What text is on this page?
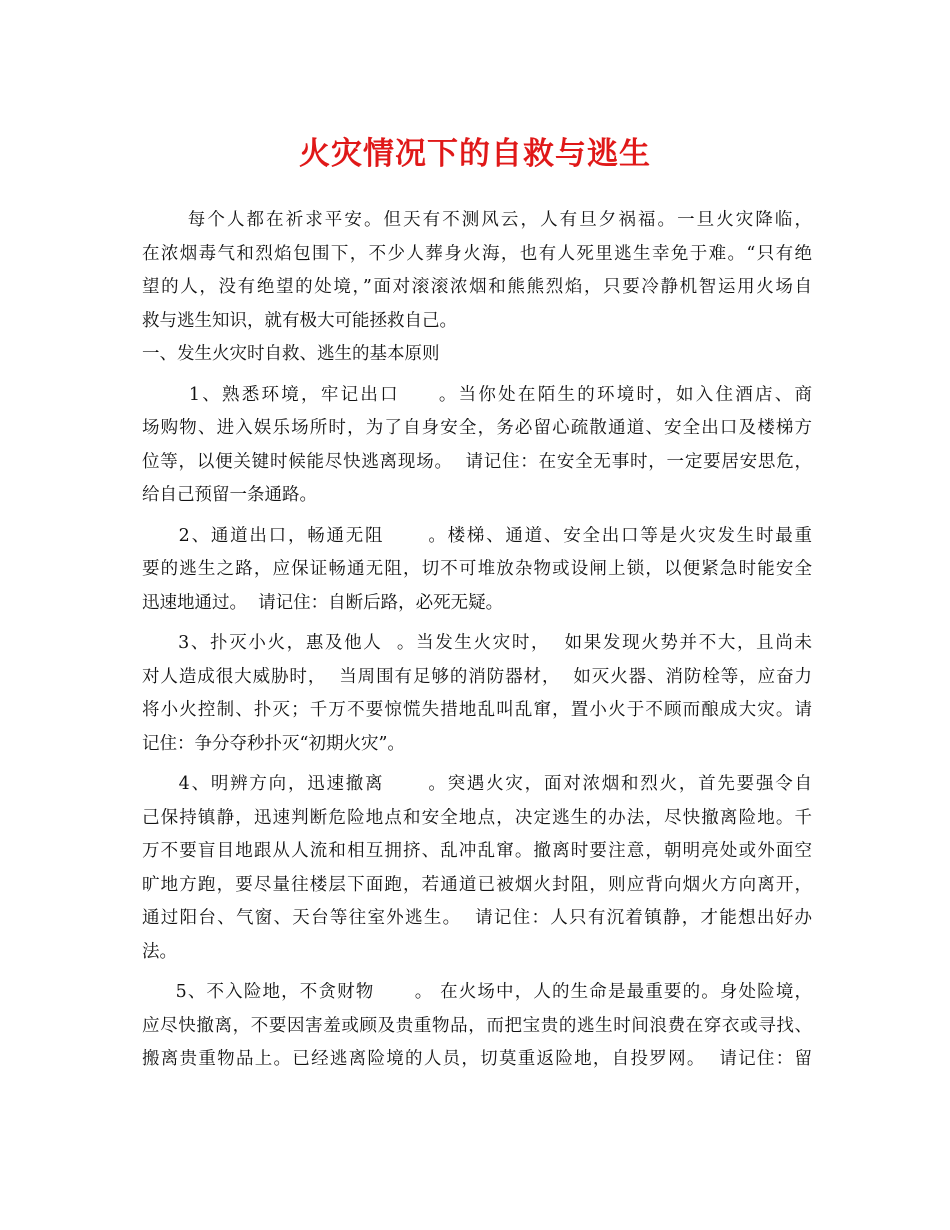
火灾情况下的自救与逃生
每个人都在祈求平安。但天有不测风云，人有旦夕祸福。一旦火灾降临，
在浓烟毒气和烈焰包围下，不少人葬身火海，也有人死里逃生幸免于难。“只有绝
望的人，没有绝望的处境，”面对滚滚浓烟和熊熊烈焰，只要冷静机智运用火场自
救与逃生知识，就有极大可能拯救自己。
一、发生火灾时自救、逃生的基本原则
1、熟悉环境，牢记出口     。当你处在陌生的环境时，如入住酒店、商
场购物、进入娱乐场所时，为了自身安全，务必留心疏散通道、安全出口及楼梯方
位等，以便关键时候能尽快逃离现场。  请记住：在安全无事时，一定要居安思危，
给自己预留一条通路。
2、通道出口，畅通无阻      。楼梯、通道、安全出口等是火灾发生时最重
要的逃生之路，应保证畅通无阻，切不可堆放杂物或设闸上锁，以便紧急时能安全
迅速地通过。  请记住：自断后路，必死无疑。
3、扑灭小火，惠及他人  。当发生火灾时，  如果发现火势并不大，且尚未
对人造成很大威胁时，  当周围有足够的消防器材，  如灭火器、消防栓等，应奋力
将小火控制、扑灭；千万不要惊慌失措地乱叫乱窜，置小火于不顾而酿成大灾。请
记住：争分夺秒扑灭“初期火灾”。
4、明辨方向，迅速撤离      。突遇火灾，面对浓烟和烈火，首先要强令自
己保持镇静，迅速判断危险地点和安全地点，决定逃生的办法，尽快撤离险地。千
万不要盲目地跟从人流和相互拥挤、乱冲乱窜。撤离时要注意，朝明亮处或外面空
旷地方跑，要尽量往楼层下面跑，若通道已被烟火封阻，则应背向烟火方向离开，
通过阳台、气窗、天台等往室外逃生。  请记住：人只有沉着镇静，才能想出好办
法。
5、不入险地，不贪财物      。 在火场中，人的生命是最重要的。身处险境，
应尽快撤离，不要因害羞或顾及贵重物品，而把宝贵的逃生时间浪费在穿衣或寻找、
搬离贵重物品上。已经逃离险境的人员，切莫重返险地，自投罗网。  请记住：留
